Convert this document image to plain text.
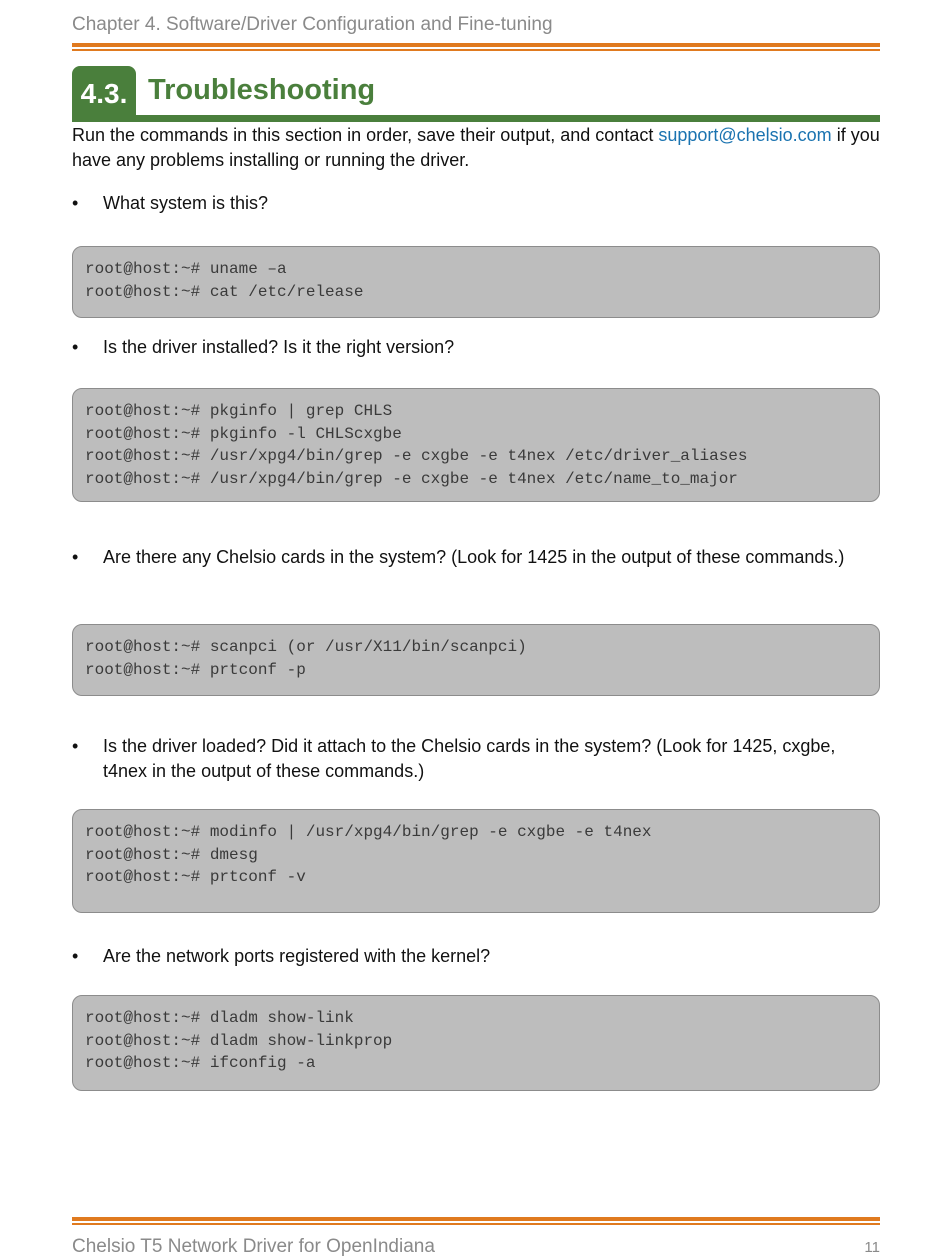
Chapter 4. Software/Driver Configuration and Fine-tuning
4.3. Troubleshooting
Run the commands in this section in order, save their output, and contact support@chelsio.com if you have any problems installing or running the driver.
• What system is this?
root@host:~# uname –a
root@host:~# cat /etc/release
• Is the driver installed? Is it the right version?
root@host:~# pkginfo | grep CHLS
root@host:~# pkginfo -l CHLScxgbe
root@host:~# /usr/xpg4/bin/grep -e cxgbe -e t4nex /etc/driver_aliases
root@host:~# /usr/xpg4/bin/grep -e cxgbe -e t4nex /etc/name_to_major
• Are there any Chelsio cards in the system? (Look for 1425 in the output of these commands.)
root@host:~# scanpci (or /usr/X11/bin/scanpci)
root@host:~# prtconf -p
• Is the driver loaded? Did it attach to the Chelsio cards in the system? (Look for 1425, cxgbe, t4nex in the output of these commands.)
root@host:~# modinfo | /usr/xpg4/bin/grep -e cxgbe -e t4nex
root@host:~# dmesg
root@host:~# prtconf -v
• Are the network ports registered with the kernel?
root@host:~# dladm show-link
root@host:~# dladm show-linkprop
root@host:~# ifconfig -a
Chelsio T5 Network Driver for OpenIndiana	11
